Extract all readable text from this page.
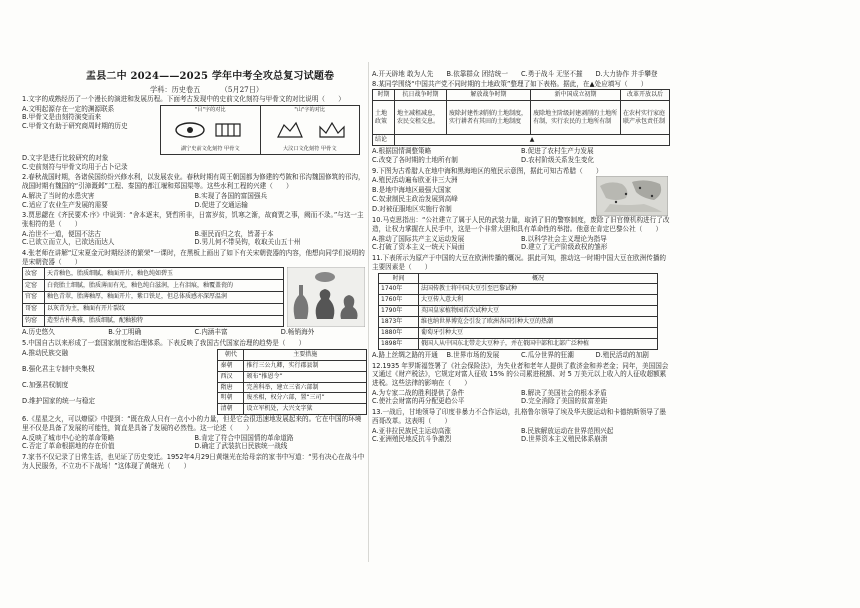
盂县二中 2024——2025 学年中考全攻总复习试题卷
学科：历史卷五	（5月27日）
1.文字的成熟经历了一个漫长的演进和发展历程。下面考古发现中的史前文化刻符与甲骨文的对比说明（　　）
A.文明起源存在一定的渊源联系
B.甲骨文是由刻符演变而来
C.甲骨文有助于研究商周时期的历史
"目"字的对比
湖宁史前文化刻符 甲骨文
"山"字的对比
大汶口文化刻符 甲骨文
D.文字是进行比较研究的对象
C.史前刻符与甲骨文均用于占卜记录
2.春秋战国时期，各诸侯国纷纷兴修水利，以发展农业。春秋时期有周王朝国都为修建的芍陂和邗沟魏国修筑的邗沟，战国时期有魏国的“引漳溉邺”工程、秦国的都江堰和郑国渠等。这些水利工程的兴建（　　）
A.解决了当时的水患灾害	B.实现了各国的富国强兵
C.适应了农业生产发展的需要	D.促进了交通运输
3.贾思勰在《齐民要术·序》中说到：“舍本逐末，贤哲所非，日富岁贫，饥寒之渐，故商贾之事，阙而不录。”与这一主张相符的是（　　）
A.治世不一道，便国不法古	B.驱民而归之农，皆著于本
C.已欲立而立人，已欲达而达人	D.男儿何不带吴钩，收取关山五十州
4.张老师在讲解“辽宋夏金元时期经济的繁荣”一课时，在黑板上画出了如下有关宋朝瓷器的内容，他想向同学们说明的是宋朝瓷器（　　）
汝窑	天青釉色，胎质细腻，釉面开片，釉色纯如碧玉
定窑	白瓷胎土细腻，胎质薄而有光，釉色纯白滋润，上有泪痕，釉覆盖瓷的
官窑	釉色青翠，胎薄釉厚，釉面开片，紫口铁足，但总体质感亦深厚温润
哥窑	以灰青为主，釉面有开片裂纹
钧窑	造型古朴典雅，胎质细腻，配釉独特
A.历史悠久	B.分工明确	C.内涵丰富	D.畅销海外
5.中国自古以来形成了一套国家制度和治理体系。下表反映了我国古代国家治理的趋势是（　　）
A.推动民族交融
B.强化君主专制中央集权
C.加强君权制度
D.维护国家的统一与稳定
朝代	主要措施
秦朝	推行三公九卿，实行郡县制
西汉	颁布“推恩令”
隋唐	完善科举，建立三省六部制
明朝	废丞相，权分六部，置“三司”
清朝	设立军机处，大兴文字狱
6.《星星之火，可以燎原》中提到：“既在敌人只有一点小小的力量，但是它会很迅速地发展起来的。它在中国的环境里不仅是具备了发展的可能性，简直是具备了发展的必然性。这一论述（　　）
A.反映了城市中心论的革命策略	B.肯定了符合中国国情的革命道路
C.否定了革命根据地的存在价值	D.确定了武装抗日民族统一战线
7.家书不仅记录了日常生活，也见证了历史变迁。1952年4月29日黄继光在给母亲的家书中写道：“男有决心在战斗中为人民服务，不立功不下战场！”这体现了黄继光（　　）
A.开天辟地 敢为人先	B.依靠群众 团结统一	C.勇于战斗 无坚不摧	D.大力协作 并手攀登
8.某同学围绕“中国共产党不同时期的土地政策”整理了如下表格。据此，在▲处应填写（　　）
时期	抗日战争时期	解放战争时期	新中国成立初期	改革开放以后
土地政策	地主减租减息，农民交租交息。	废除封建性剥削的土地制度，实行耕者有其田的土地制度	废除地主阶级封建剥削的土地所有制，实行农民的土地所有制	在农村实行家庭联产承包责任制
结论	▲			
A.根据国情调整策略	B.促进了农村生产力发展
C.改变了各时期的土地所有制	D.农村阶级关系发生变化
9.下图为古希腊人在地中海和黑海地区的殖民示意图，据此可知古希腊（　　）
A.殖民活动遍布欧亚非三大洲
B.是地中海地区最强大国家
C.奴隶制民主政治发展到高峰
D.对被征服地区实施行省制
10.马克思指出：“公社建立了属于人民的武装力量，取消了旧的警察制度，废除了旧官僚机构进行了改造，让权力掌握在人民手中，这是一个非常大胆和具有革命性的举措。他意在肯定巴黎公社（　　）
A.推动了国际共产主义运动发展	B.以科学社会主义理论为指导
C.打破了资本主义一统天下局面	D.建立了无产阶级政权的雏形
11.下表所示为原产于中国的大豆在欧洲传播的概况。据此可知，推动这一时期中国大豆在欧洲传播的主要因素是（　　）
时间	概况
1740年	法国传教士将中国大豆引至巴黎试种
1760年	大豆传入意大利
1790年	英国皇家植物园首次试种大豆
1873年	维也纳世界博览会引发了欧洲各国引种大豆的热潮
1880年	葡萄牙引种大豆
1898年	俄国人从中国东北带走大豆种子，并在俄国中部和北部广泛种植
A.路上丝绸之路的开通	B.世界市场的发展	C.瓜分世界的狂潮	D.殖民活动的加剧
12.1935 年罗斯福签署了《社会保险法》，为失业者和老年人提供了救济金和养老金；同年，美国国会又通过《财产税法》，它规定对富人征收 15% 的公司累进税额、对 5 万美元以上收入的人征收超额累进税。这些法律的影响在（　　）
A.为专家二战的胜利提供了条件	B.解决了美国社会的根本矛盾
C.使社会财富的再分配更趋公平	D.完全消除了美国的贫富差距
13.一战后，甘地领导了印度非暴力不合作运动，扎格鲁尔领导了埃及华夫脱运动和卡德纳斯领导了墨西哥改革。这表明（　　）
A.亚非拉民族民主运动高涨	B.民族解放运动在世界范围兴起
C.亚洲殖民地反抗斗争激烈	D.世界资本主义殖民体系崩溃
